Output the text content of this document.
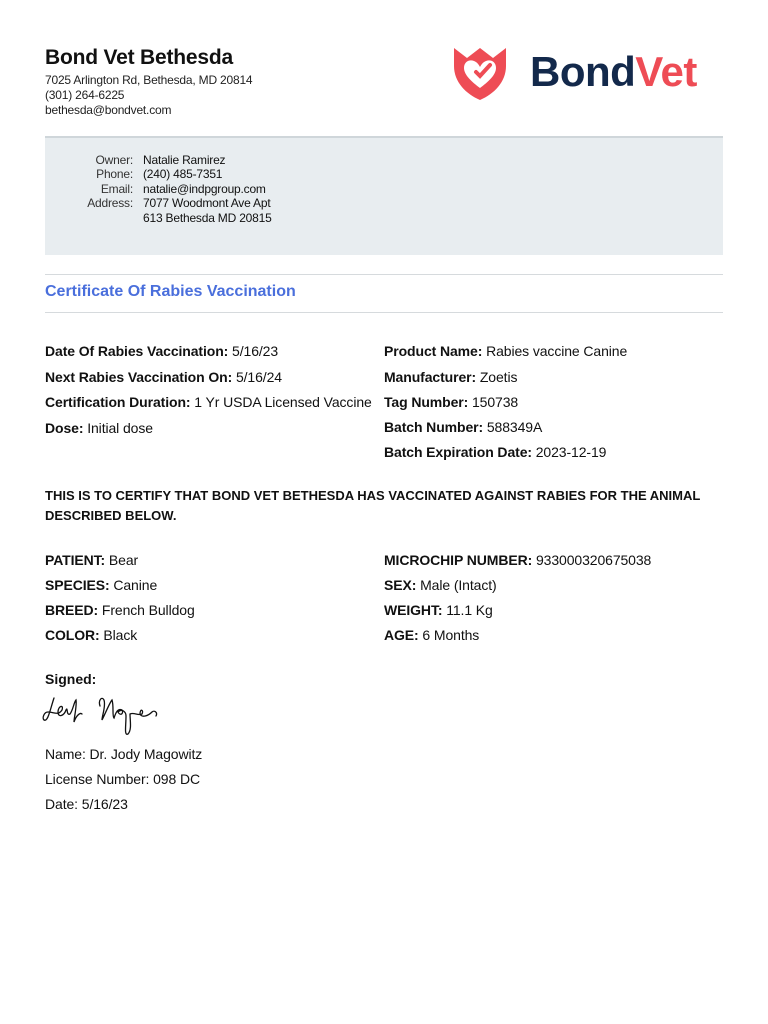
Bond Vet Bethesda
7025 Arlington Rd, Bethesda, MD 20814
(301) 264-6225
bethesda@bondvet.com
BondVet
Owner: Natalie Ramirez
Phone: (240) 485-7351
Email: natalie@indpgroup.com
Address: 7077 Woodmont Ave Apt 613 Bethesda MD 20815
Certificate Of Rabies Vaccination
Date Of Rabies Vaccination: 5/16/23
Next Rabies Vaccination On: 5/16/24
Certification Duration: 1 Yr USDA Licensed Vaccine
Dose: Initial dose
Product Name: Rabies vaccine Canine
Manufacturer: Zoetis
Tag Number: 150738
Batch Number: 588349A
Batch Expiration Date: 2023-12-19
THIS IS TO CERTIFY THAT BOND VET BETHESDA HAS VACCINATED AGAINST RABIES FOR THE ANIMAL DESCRIBED BELOW.
PATIENT: Bear
SPECIES: Canine
BREED: French Bulldog
COLOR: Black
MICROCHIP NUMBER: 933000320675038
SEX: Male (Intact)
WEIGHT: 11.1 Kg
AGE: 6 Months
Signed:
Name: Dr. Jody Magowitz
License Number: 098 DC
Date: 5/16/23
